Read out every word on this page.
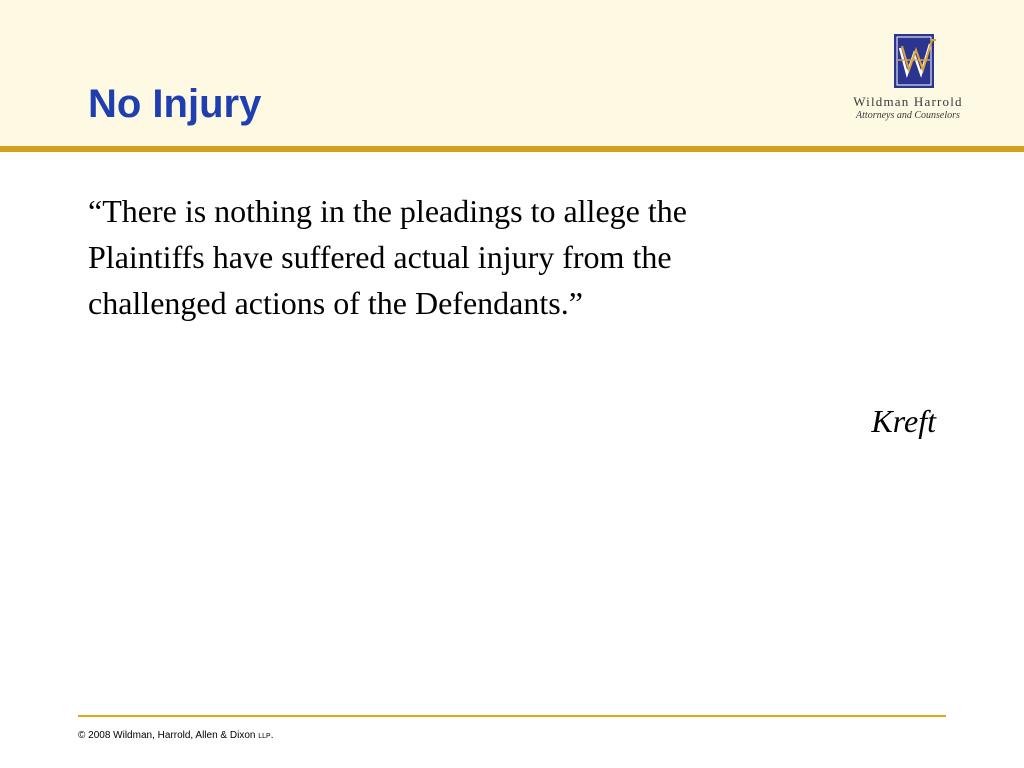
No Injury	Wildman Harrold
Attorneys and Counselors

“There is nothing in the pleadings to allege the
Plaintiffs have suffered actual injury from the
challenged actions of the Defendants.”

Kreft

© 2008 Wildman, Harrold, Allen & Dixon LLP.
